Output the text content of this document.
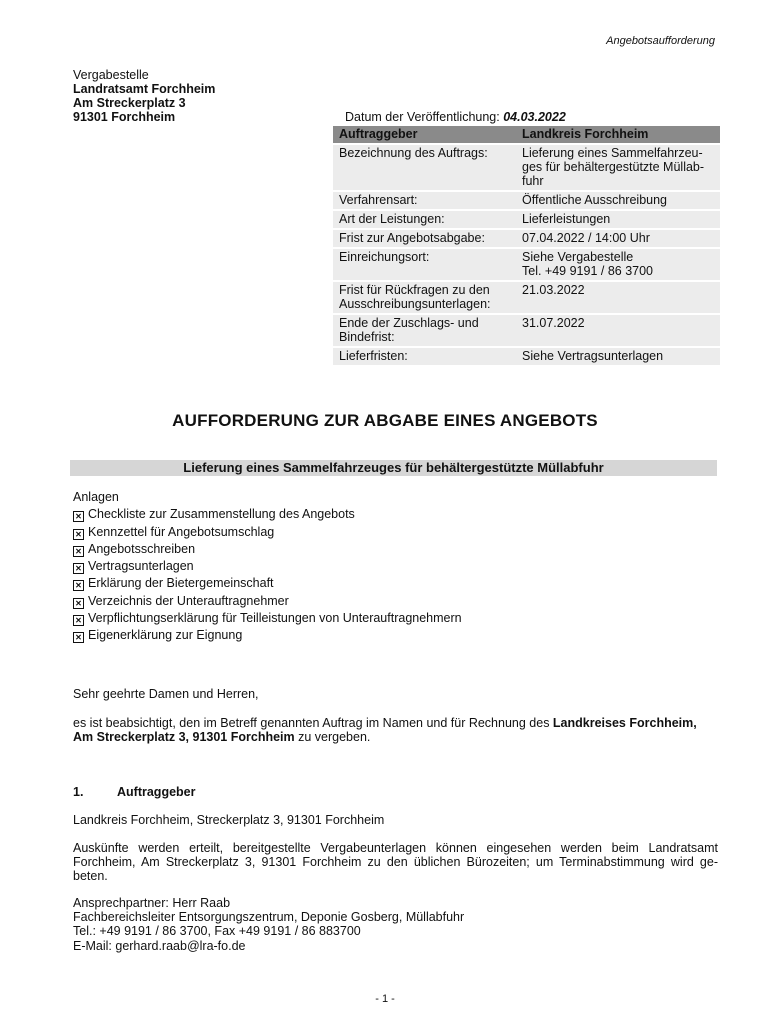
Angebotsaufforderung
Vergabestelle
Landratsamt Forchheim
Am Streckerplatz 3
91301 Forchheim	Datum der Veröffentlichung: 04.03.2022
Auftraggeber	Landkreis Forchheim
Bezeichnung des Auftrags:	Lieferung eines Sammelfahrzeu-
ges für behältergestützte Müllab-
fuhr
Verfahrensart:	Öffentliche Ausschreibung
Art der Leistungen:	Lieferleistungen
Frist zur Angebotsabgabe:	07.04.2022 / 14:00 Uhr
Einreichungsort:	Siehe Vergabestelle
Tel. +49 9191 / 86 3700
Frist für Rückfragen zu den
Ausschreibungsunterlagen:	21.03.2022
Ende der Zuschlags- und
Bindefrist:	31.07.2022
Lieferfristen:	Siehe Vertragsunterlagen
AUFFORDERUNG ZUR ABGABE EINES ANGEBOTS
Lieferung eines Sammelfahrzeuges für behältergestützte Müllabfuhr
Anlagen
✕ Checkliste zur Zusammenstellung des Angebots
✕ Kennzettel für Angebotsumschlag
✕ Angebotsschreiben
✕ Vertragsunterlagen
✕ Erklärung der Bietergemeinschaft
✕ Verzeichnis der Unterauftragnehmer
✕ Verpflichtungserklärung für Teilleistungen von Unterauftragnehmern
✕ Eigenerklärung zur Eignung
Sehr geehrte Damen und Herren,
es ist beabsichtigt, den im Betreff genannten Auftrag im Namen und für Rechnung des Landkreises Forchheim, Am Streckerplatz 3, 91301 Forchheim zu vergeben.
1.	Auftraggeber
Landkreis Forchheim, Streckerplatz 3, 91301 Forchheim
Auskünfte werden erteilt, bereitgestellte Vergabeunterlagen können eingesehen werden beim Landratsamt Forchheim, Am Streckerplatz 3, 91301 Forchheim zu den üblichen Bürozeiten; um Terminabstimmung wird ge-beten.
Ansprechpartner: Herr Raab
Fachbereichsleiter Entsorgungszentrum, Deponie Gosberg, Müllabfuhr
Tel.: +49 9191 / 86 3700, Fax +49 9191 / 86 883700
E-Mail: gerhard.raab@lra-fo.de
- 1 -
